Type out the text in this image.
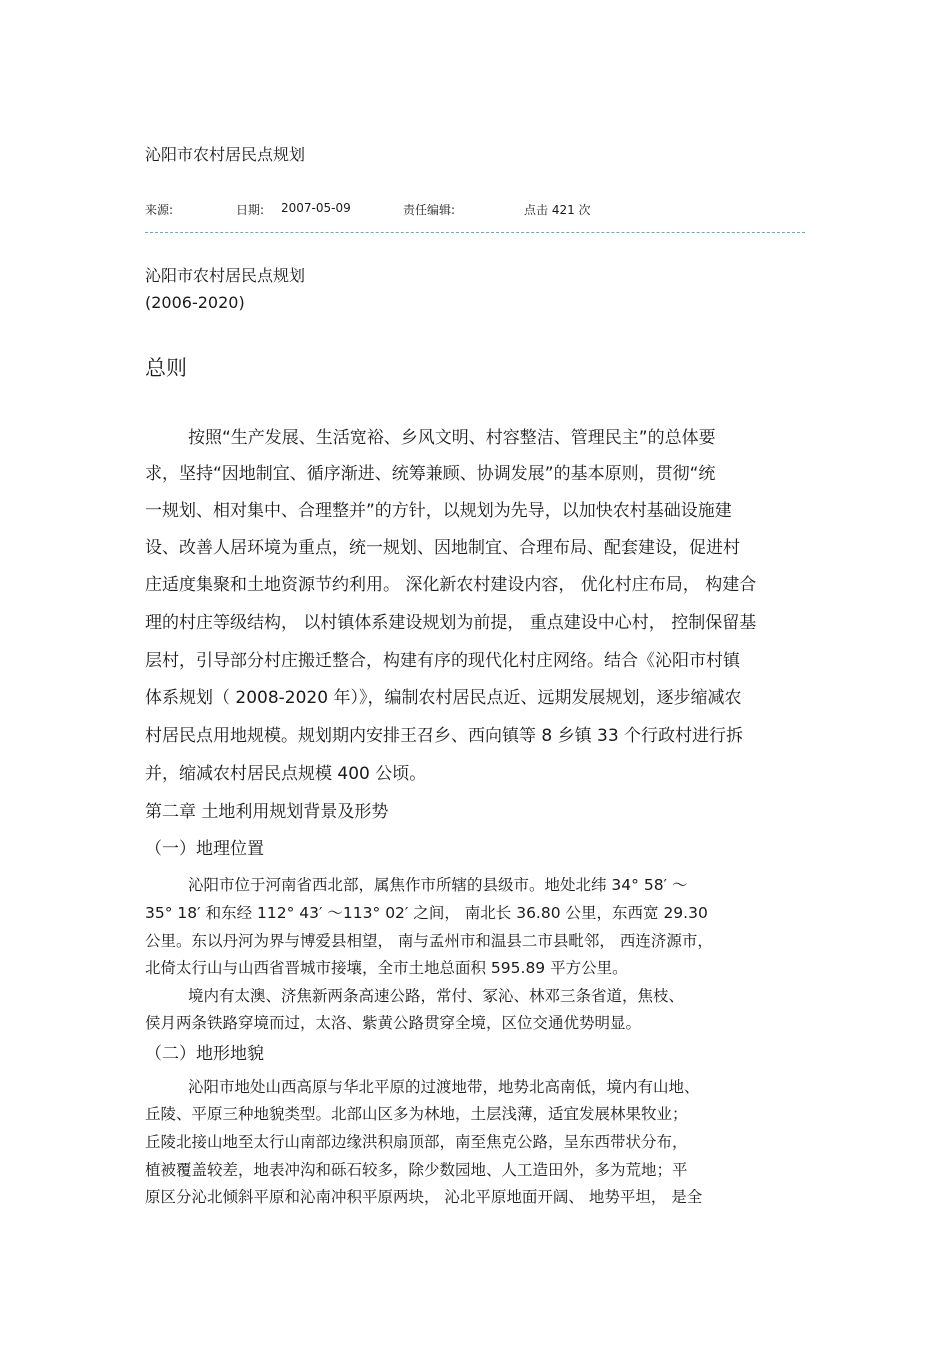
沁阳市农村居民点规划
来源:	日期: 2007-05-09	责任编辑:	点击 421 次
沁阳市农村居民点规划
(2006-2020)
总则
按照“生产发展、生活宽裕、乡风文明、村容整洁、管理民主”的总体要
求，坚持“因地制宜、循序渐进、统筹兼顾、协调发展”的基本原则，贯彻“统
一规划、相对集中、合理整并”的方针，以规划为先导，以加快农村基础设施建
设、改善人居环境为重点，统一规划、因地制宜、合理布局、配套建设，促进村
庄适度集聚和土地资源节约利用。 深化新农村建设内容， 优化村庄布局， 构建合
理的村庄等级结构， 以村镇体系建设规划为前提， 重点建设中心村， 控制保留基
层村，引导部分村庄搬迁整合，构建有序的现代化村庄网络。结合《沁阳市村镇
体系规划（ 2008-2020 年）》，编制农村居民点近、远期发展规划，逐步缩减农
村居民点用地规模。规划期内安排王召乡、西向镇等 8 乡镇 33 个行政村进行拆
并，缩减农村居民点规模 400 公顷。
第二章 土地利用规划背景及形势
（一）地理位置
沁阳市位于河南省西北部，属焦作市所辖的县级市。地处北纬 34° 58′ ～
35° 18′ 和东经 112° 43′ ～113° 02′ 之间， 南北长 36.80 公里，东西宽 29.30
公里。东以丹河为界与博爱县相望， 南与孟州市和温县二市县毗邻， 西连济源市，
北倚太行山与山西省晋城市接壤，全市土地总面积 595.89 平方公里。
境内有太澳、济焦新两条高速公路，常付、冢沁、林邓三条省道，焦枝、
侯月两条铁路穿境而过，太洛、紫黄公路贯穿全境，区位交通优势明显。
（二）地形地貌
沁阳市地处山西高原与华北平原的过渡地带，地势北高南低，境内有山地、
丘陵、平原三种地貌类型。北部山区多为林地，土层浅薄，适宜发展林果牧业；
丘陵北接山地至太行山南部边缘洪积扇顶部，南至焦克公路，呈东西带状分布，
植被覆盖较差，地表冲沟和砾石较多，除少数园地、人工造田外，多为荒地；平
原区分沁北倾斜平原和沁南冲积平原两块， 沁北平原地面开阔、 地势平坦， 是全
